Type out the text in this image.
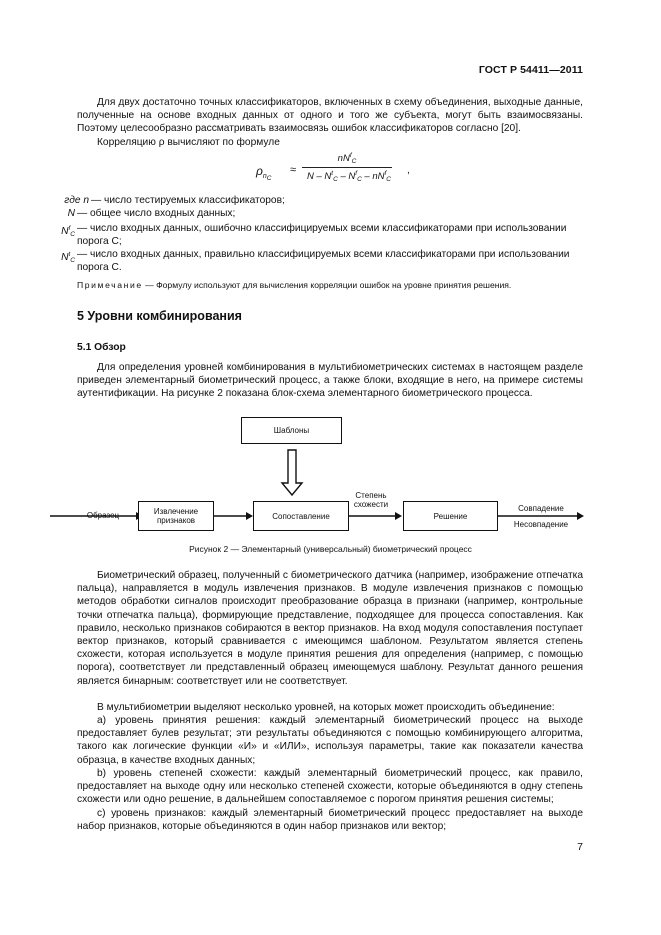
ГОСТ Р 54411—2011

Для двух достаточно точных классификаторов, включенных в схему объединения, выходные данные, полученные на основе входных данных от одного и того же субъекта, могут быть взаимосвязаны. Поэтому целесообразно рассматривать взаимосвязь ошибок классификаторов согласно [20].

Корреляцию ρ вычисляют по формуле

$\rho_{nC}$
≈
$nN^f_C$
N – $N^t_C - N^f_C - nN^f_C$
,
где n — число тестируемых классификаторов;
N — общее число входных данных;
$N^f_C$
— число входных данных, ошибочно классифицируемых всеми классификаторами при использовании порога C;
$N^t_C$
— число входных данных, правильно классифицируемых всеми классификаторами при использовании порога C.
Примечание — Формулу используют для вычисления корреляции ошибок на уровне принятия решения.
5 Уровни комбинирования
5.1 Обзор

Для определения уровней комбинирования в мультибиометрических системах в настоящем разделе приведен элементарный биометрический процесс, а также блоки, входящие в него, на примере системы аутентификации. На рисунке 2 показана блок-схема элементарного биометрического процесса.

Шаблоны
Извлечение признаков	Сопоставление	Решение
Образец
Степень схожести	Совпадение
Несовпадение
Рисунок 2 — Элементарный (универсальный) биометрический процесс

Биометрический образец, полученный с биометрического датчика (например, изображение отпечатка пальца), направляется в модуль извлечения признаков. В модуле извлечения признаков с помощью методов обработки сигналов происходит преобразование образца в признаки (например, контрольные точки отпечатка пальца), формирующие представление, подходящее для процесса сопоставления. Как правило, несколько признаков собираются в вектор признаков. На вход модуля сопоставления поступает вектор признаков, который сравнивается с имеющимся шаблоном. Результатом является степень схожести, которая используется в модуле принятия решения для определения (например, с помощью порога), соответствует ли представленный образец имеющемуся шаблону. Результат данного решения является бинарным: соответствует или не соответствует.

В мультибиометрии выделяют несколько уровней, на которых может происходить объединение:

а) уровень принятия решения: каждый элементарный биометрический процесс на выходе предоставляет булев результат; эти результаты объединяются с помощью комбинирующего алгоритма, такого как логические функции «И» и «ИЛИ», используя параметры, такие как показатели качества образца, в качестве входных данных;

b) уровень степеней схожести: каждый элементарный биометрический процесс, как правило, предоставляет на выходе одну или несколько степеней схожести, которые объединяются в одну степень схожести или одно решение, в дальнейшем сопоставляемое с порогом принятия решения системы;

с) уровень признаков: каждый элементарный биометрический процесс предоставляет на выходе набор признаков, которые объединяются в один набор признаков или вектор;

7
